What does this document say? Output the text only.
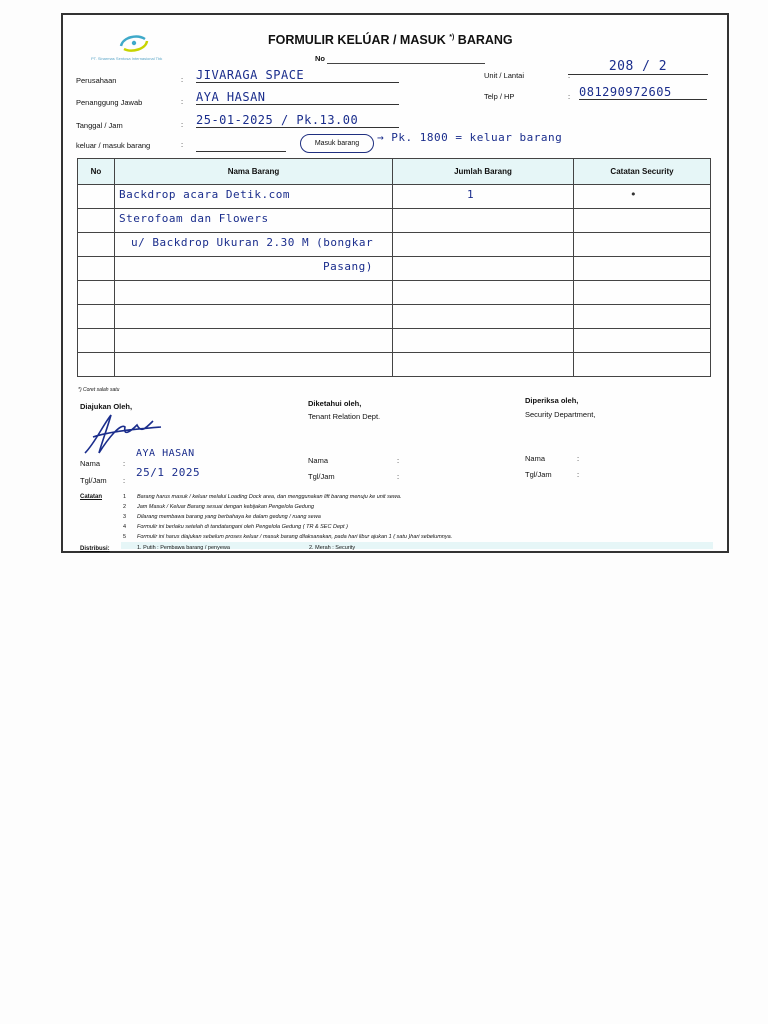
PT. Sinarmas Sentosa Internasional Tbk
FORMULIR KELÚAR / MASUK *) BARANG
No
Perusahaan	: JIVARAGA SPACE
Penanggung Jawab	: AYA HASAN
Tanggal / Jam	: 25-01-2025 / Pk.13.00
keluar / masuk barang	:	Masuk barang	→ Pk. 1800 = keluar barang
Unit / Lantai	:
208 / 2
Telp / HP	: 081290972605
No	Nama Barang	Jumlah Barang	Catatan Security

	Backdrop acara Detik.com	1	•

	Sterofoam dan Flowers		

	u/ Backdrop Ukuran 2.30 M (bongkar		

	Pasang)		

*) Coret salah satu
Diajukan Oleh,
Nama	:
AYA HASAN
Tgl/Jam :
25/1 2025
Diketahui oleh,
Tenant Relation Dept.
Nama	:
Tgl/Jam	:
Diperiksa oleh,
Security Department,
Nama	:
Tgl/Jam	:
Catatan	1 Barang harus masuk / keluar melalui Loading Dock area, dan menggunakan lift barang menuju ke unit sewa.
2 Jam Masuk / Keluar Barang sesuai dengan kebijakan Pengelola Gedung
3 Dilarang membawa barang yang berbahaya ke dalam gedung / ruang sewa
4 Formulir ini berlaku setelah di tandatangani oleh Pengelola Gedung ( TR & SEC Dept )
5 Formulir ini harus diajukan sebelum proses keluar / masuk barang dilaksanakan, pada hari libur ajukan 1 ( satu )hari sebelumnya.
Distribusi:	1. Putih : Pembawa barang / penyewa	2. Merah : Security
